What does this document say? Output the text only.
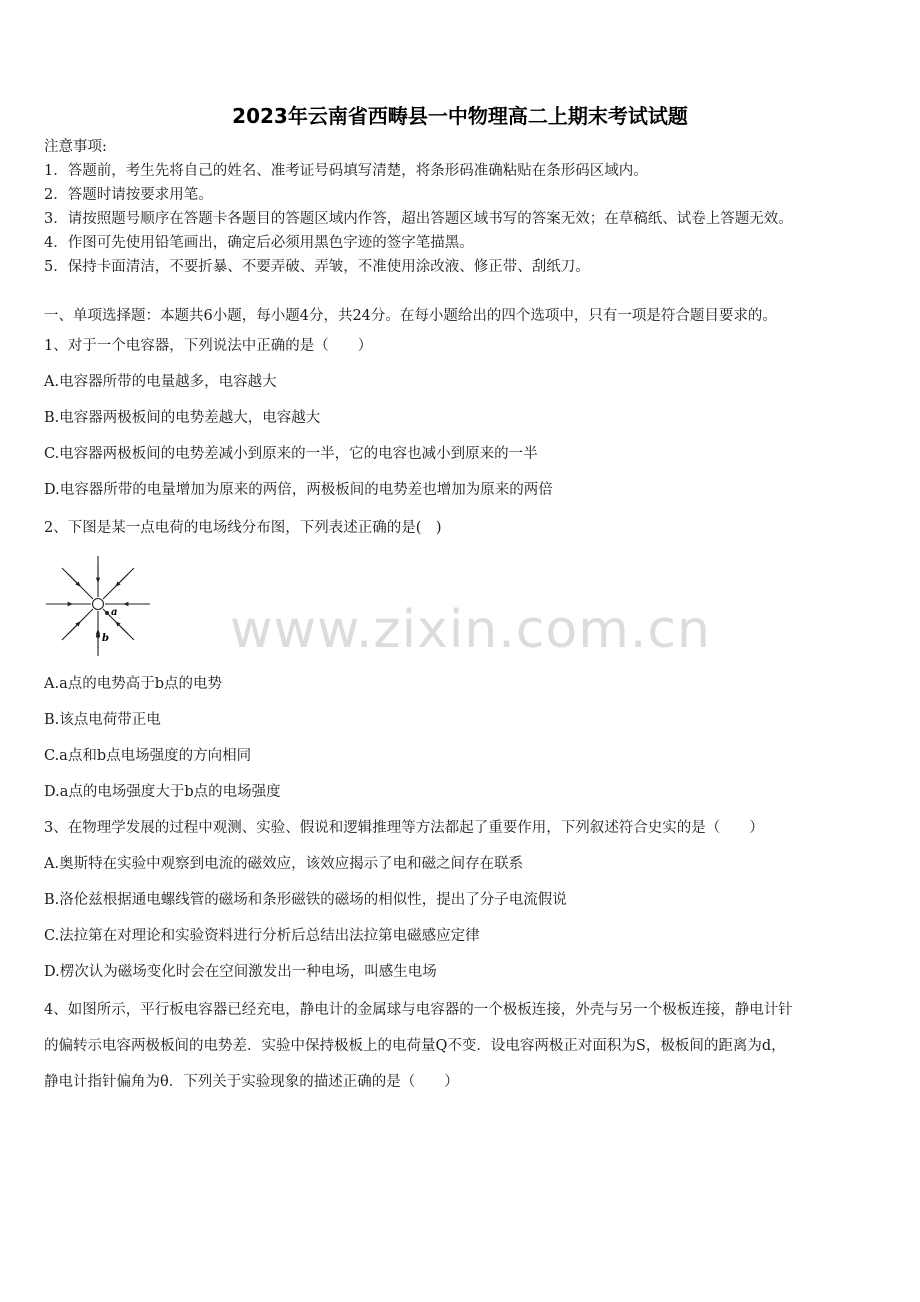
2023年云南省西畴县一中物理高二上期末考试试题
注意事项:
1．答题前，考生先将自己的姓名、准考证号码填写清楚，将条形码准确粘贴在条形码区域内。
2．答题时请按要求用笔。
3．请按照题号顺序在答题卡各题目的答题区域内作答，超出答题区域书写的答案无效；在草稿纸、试卷上答题无效。
4．作图可先使用铅笔画出，确定后必须用黑色字迹的签字笔描黑。
5．保持卡面清洁，不要折暴、不要弄破、弄皱，不准使用涂改液、修正带、刮纸刀。
一、单项选择题：本题共6小题，每小题4分，共24分。在每小题给出的四个选项中，只有一项是符合题目要求的。
1、对于一个电容器，下列说法中正确的是（　　）
A.电容器所带的电量越多，电容越大
B.电容器两极板间的电势差越大，电容越大
C.电容器两极板间的电势差减小到原来的一半，它的电容也减小到原来的一半
D.电容器所带的电量增加为原来的两倍，两极板间的电势差也增加为原来的两倍
2、下图是某一点电荷的电场线分布图，下列表述正确的是(　)
a
b
A.a点的电势高于b点的电势
B.该点电荷带正电
C.a点和b点电场强度的方向相同
D.a点的电场强度大于b点的电场强度
3、在物理学发展的过程中观测、实验、假说和逻辑推理等方法都起了重要作用，下列叙述符合史实的是（　　）
A.奥斯特在实验中观察到电流的磁效应，该效应揭示了电和磁之间存在联系
B.洛伦兹根据通电螺线管的磁场和条形磁铁的磁场的相似性，提出了分子电流假说
C.法拉第在对理论和实验资料进行分析后总结出法拉第电磁感应定律
D.楞次认为磁场变化时会在空间激发出一种电场，叫感生电场
4、如图所示，平行板电容器已经充电，静电计的金属球与电容器的一个极板连接，外壳与另一个极板连接，静电计针
的偏转示电容两极板间的电势差．实验中保持极板上的电荷量Q不变．设电容两极正对面积为S，极板间的距离为d，
静电计指针偏角为θ．下列关于实验现象的描述正确的是（　　）
www.zixin.com.cn
